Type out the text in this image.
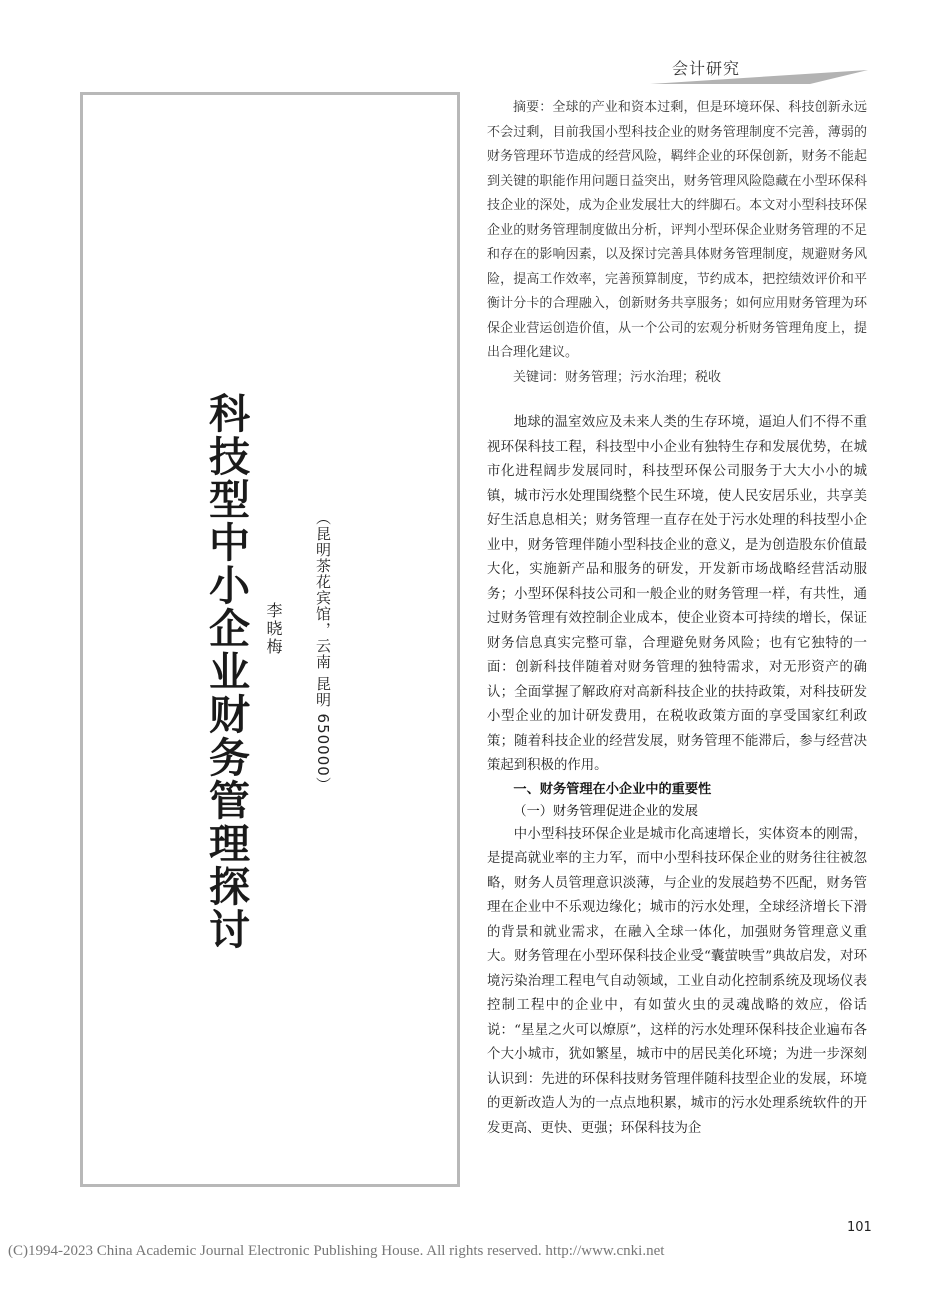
会计研究
科技型中小企业财务管理探讨 李晓梅 （昆明茶花宾馆，云南 昆明 650000）

摘要：全球的产业和资本过剩，但是环境环保、科技创新永远不会过剩，目前我国小型科技企业的财务管理制度不完善，薄弱的财务管理环节造成的经营风险，羁绊企业的环保创新，财务不能起到关键的职能作用问题日益突出，财务管理风险隐藏在小型环保科技企业的深处，成为企业发展壮大的绊脚石。本文对小型科技环保企业的财务管理制度做出分析，评判小型环保企业财务管理的不足和存在的影响因素，以及探讨完善具体财务管理制度，规避财务风险，提高工作效率，完善预算制度，节约成本，把控绩效评价和平衡计分卡的合理融入，创新财务共享服务；如何应用财务管理为环保企业营运创造价值，从一个公司的宏观分析财务管理角度上，提出合理化建议。

关键词：财务管理；污水治理；税收

地球的温室效应及未来人类的生存环境，逼迫人们不得不重视环保科技工程，科技型中小企业有独特生存和发展优势，在城市化进程阔步发展同时，科技型环保公司服务于大大小小的城镇，城市污水处理围绕整个民生环境，使人民安居乐业，共享美好生活息息相关；财务管理一直存在处于污水处理的科技型小企业中，财务管理伴随小型科技企业的意义，是为创造股东价值最大化，实施新产品和服务的研发，开发新市场战略经营活动服务；小型环保科技公司和一般企业的财务管理一样，有共性，通过财务管理有效控制企业成本，使企业资本可持续的增长，保证财务信息真实完整可靠，合理避免财务风险；也有它独特的一面：创新科技伴随着对财务管理的独特需求，对无形资产的确认；全面掌握了解政府对高新科技企业的扶持政策，对科技研发小型企业的加计研发费用，在税收政策方面的享受国家红利政策；随着科技企业的经营发展，财务管理不能滞后，参与经营决策起到积极的作用。

一、财务管理在小企业中的重要性
（一）财务管理促进企业的发展

中小型科技环保企业是城市化高速增长，实体资本的刚需，是提高就业率的主力军，而中小型科技环保企业的财务往往被忽略，财务人员管理意识淡薄，与企业的发展趋势不匹配，财务管理在企业中不乐观边缘化；城市的污水处理，全球经济增长下滑的背景和就业需求，在融入全球一体化，加强财务管理意义重大。财务管理在小型环保科技企业受“囊萤映雪”典故启发，对环境污染治理工程电气自动领域，工业自动化控制系统及现场仪表控制工程中的企业中，有如萤火虫的灵魂战略的效应，俗话说：“星星之火可以燎原”，这样的污水处理环保科技企业遍布各个大小城市，犹如繁星，城市中的居民美化环境；为进一步深刻认识到：先进的环保科技财务管理伴随科技型企业的发展，环境的更新改造人为的一点点地积累，城市的污水处理系统软件的开发更高、更快、更强；环保科技为企

101
(C)1994-2023 China Academic Journal Electronic Publishing House. All rights reserved. http://www.cnki.net
